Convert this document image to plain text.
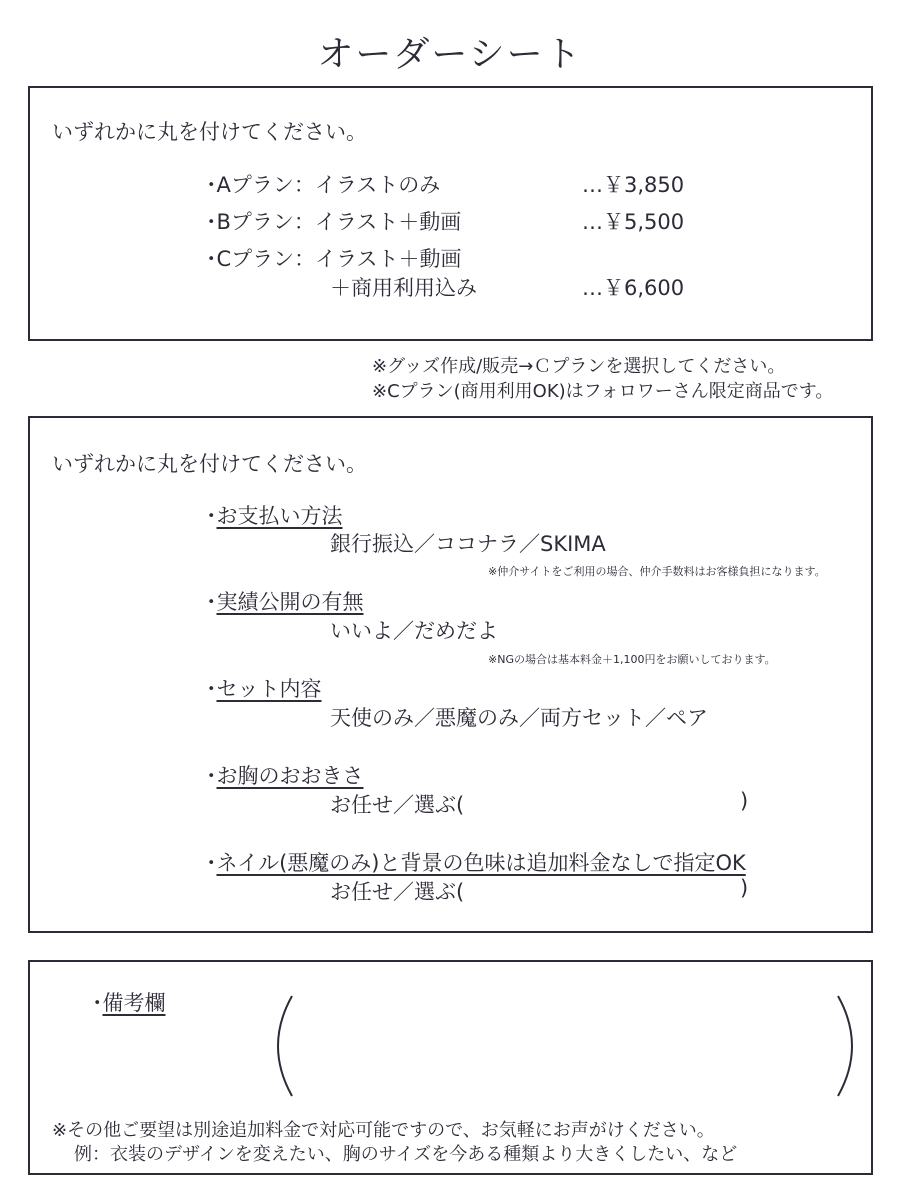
オーダーシート
いずれかに丸を付けてください。
･Aプラン：イラストのみ	…￥3,850
･Bプラン：イラスト＋動画	…￥5,500
･Cプラン：イラスト＋動画
＋商用利用込み	…￥6,600
※グッズ作成/販売→Ｃプランを選択してください。
※Cプラン(商用利用OK)はフォロワーさん限定商品です。
いずれかに丸を付けてください。
･お支払い方法
銀行振込／ココナラ／SKIMA
※仲介サイトをご利用の場合、仲介手数料はお客様負担になります。
･実績公開の有無
いいよ／だめだよ
※NGの場合は基本料金＋1,100円をお願いしております。
･セット内容
天使のみ／悪魔のみ／両方セット／ペア
･お胸のおおきさ
お任せ／選ぶ(	)
･ネイル(悪魔のみ)と背景の色味は追加料金なしで指定OK
お任せ／選ぶ(	)
･備考欄
※その他ご要望は別途追加料金で対応可能ですので、お気軽にお声がけください。
例：衣装のデザインを変えたい、胸のサイズを今ある種類より大きくしたい、など
